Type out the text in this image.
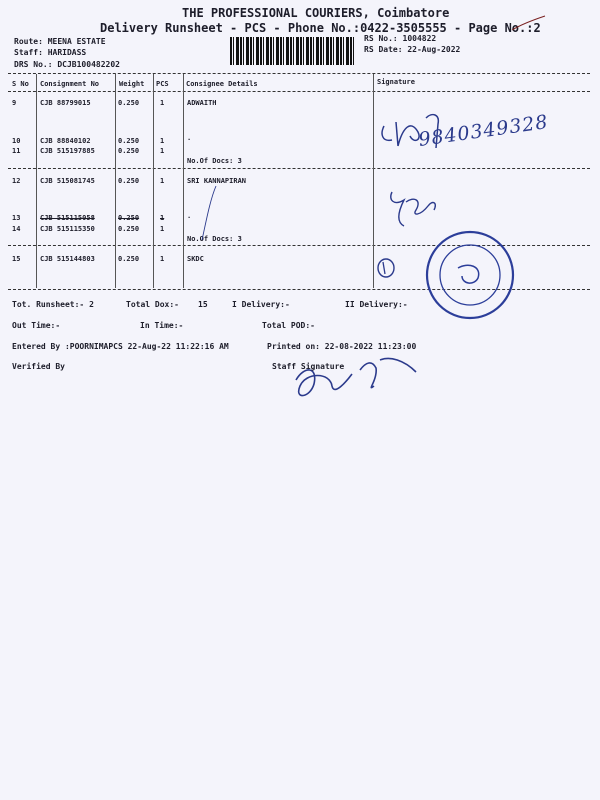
THE PROFESSIONAL COURIERS, Coimbatore
Delivery Runsheet - PCS - Phone No.:0422-3505555 - Page No.:2
Route: MEENA ESTATE
Staff: HARIDASS
DRS No.: DCJB100482202
RS No.: 1004822
RS Date: 22-Aug-2022
S No Consignment No	Weight PCS Consignee Details	Signature
9	CJB 88799015	0.250	1	ADWAITH
10	CJB 88840102	0.250	1	.
11	CJB 515197885	0.250	1
No.Of Docs: 3
12	CJB 515081745	0.250	1	SRI KANNAPIRAN
13	CJB 515115058	0.250	1	.
14	CJB 515115350	0.250	1
No.Of Docs: 3
15	CJB 515144803	0.250	1	SKDC
9840349328
Tot. Runsheet:- 2	Total Dox:- 15	I Delivery:-	II Delivery:-
Out Time:-	In Time:-	Total POD:-
Entered By :POORNIMAPCS 22-Aug-22 11:22:16 AM	Printed on: 22-08-2022 11:23:00
Verified By	Staff Signature
